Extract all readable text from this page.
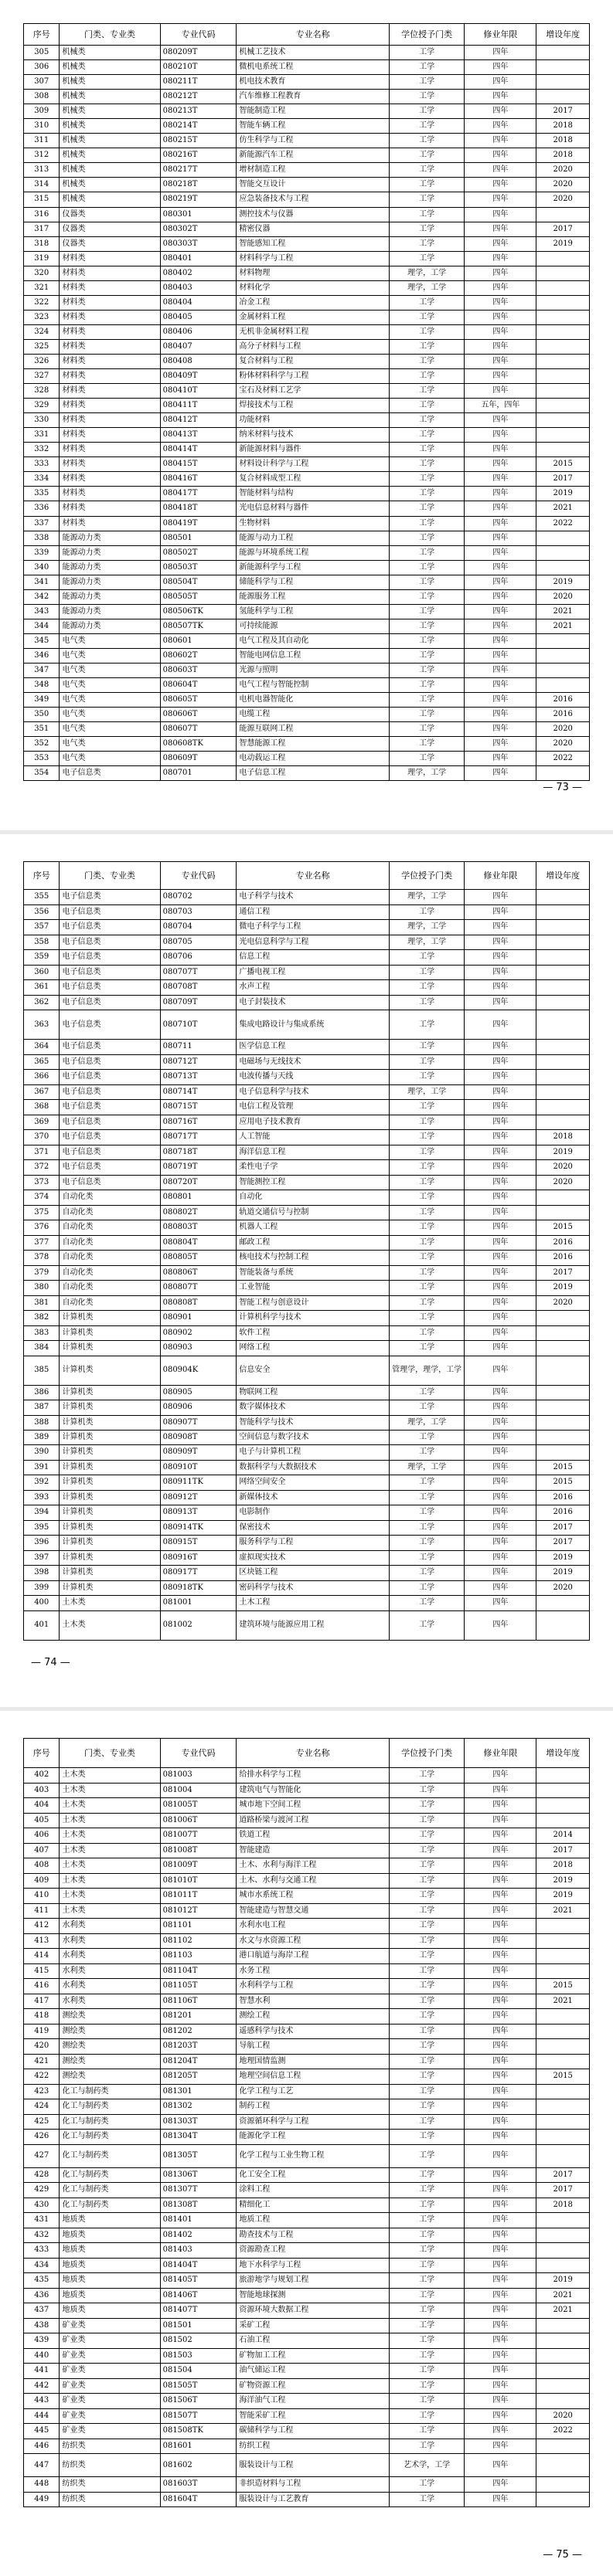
序号	门类、专业类	专业代码	专业名称	学位授予门类	修业年限	增设年度
305	机械类	080209T	机械工艺技术	工学	四年	
306	机械类	080210T	微机电系统工程	工学	四年	
307	机械类	080211T	机电技术教育	工学	四年	
308	机械类	080212T	汽车维修工程教育	工学	四年	
309	机械类	080213T	智能制造工程	工学	四年	2017
310	机械类	080214T	智能车辆工程	工学	四年	2018
311	机械类	080215T	仿生科学与工程	工学	四年	2018
312	机械类	080216T	新能源汽车工程	工学	四年	2018
313	机械类	080217T	增材制造工程	工学	四年	2020
314	机械类	080218T	智能交互设计	工学	四年	2020
315	机械类	080219T	应急装备技术与工程	工学	四年	2020
316	仪器类	080301	测控技术与仪器	工学	四年	
317	仪器类	080302T	精密仪器	工学	四年	2017
318	仪器类	080303T	智能感知工程	工学	四年	2019
319	材料类	080401	材料科学与工程	工学	四年	
320	材料类	080402	材料物理	理学，工学	四年	
321	材料类	080403	材料化学	理学，工学	四年	
322	材料类	080404	冶金工程	工学	四年	
323	材料类	080405	金属材料工程	工学	四年	
324	材料类	080406	无机非金属材料工程	工学	四年	
325	材料类	080407	高分子材料与工程	工学	四年	
326	材料类	080408	复合材料与工程	工学	四年	
327	材料类	080409T	粉体材料科学与工程	工学	四年	
328	材料类	080410T	宝石及材料工艺学	工学	四年	
329	材料类	080411T	焊接技术与工程	工学	五年，四年	
330	材料类	080412T	功能材料	工学	四年	
331	材料类	080413T	纳米材料与技术	工学	四年	
332	材料类	080414T	新能源材料与器件	工学	四年	
333	材料类	080415T	材料设计科学与工程	工学	四年	2015
334	材料类	080416T	复合材料成型工程	工学	四年	2017
335	材料类	080417T	智能材料与结构	工学	四年	2019
336	材料类	080418T	光电信息材料与器件	工学	四年	2021
337	材料类	080419T	生物材料	工学	四年	2022
338	能源动力类	080501	能源与动力工程	工学	四年	
339	能源动力类	080502T	能源与环境系统工程	工学	四年	
340	能源动力类	080503T	新能源科学与工程	工学	四年	
341	能源动力类	080504T	储能科学与工程	工学	四年	2019
342	能源动力类	080505T	能源服务工程	工学	四年	2020
343	能源动力类	080506TK	氢能科学与工程	工学	四年	2021
344	能源动力类	080507TK	可持续能源	工学	四年	2021
345	电气类	080601	电气工程及其自动化	工学	四年	
346	电气类	080602T	智能电网信息工程	工学	四年	
347	电气类	080603T	光源与照明	工学	四年	
348	电气类	080604T	电气工程与智能控制	工学	四年	
349	电气类	080605T	电机电器智能化	工学	四年	2016
350	电气类	080606T	电缆工程	工学	四年	2016
351	电气类	080607T	能源互联网工程	工学	四年	2020
352	电气类	080608TK	智慧能源工程	工学	四年	2020
353	电气类	080609T	电动载运工程	工学	四年	2022
354	电子信息类	080701	电子信息工程	理学，工学	四年	
— 73 —
序号	门类、专业类	专业代码	专业名称	学位授予门类	修业年限	增设年度
355	电子信息类	080702	电子科学与技术	理学，工学	四年	
356	电子信息类	080703	通信工程	工学	四年	
357	电子信息类	080704	微电子科学与工程	理学，工学	四年	
358	电子信息类	080705	光电信息科学与工程	理学，工学	四年	
359	电子信息类	080706	信息工程	工学	四年	
360	电子信息类	080707T	广播电视工程	工学	四年	
361	电子信息类	080708T	水声工程	工学	四年	
362	电子信息类	080709T	电子封装技术	工学	四年	
363	电子信息类	080710T	集成电路设计与集成系统	工学	四年	
364	电子信息类	080711	医学信息工程	工学	四年	
365	电子信息类	080712T	电磁场与无线技术	工学	四年	
366	电子信息类	080713T	电波传播与天线	工学	四年	
367	电子信息类	080714T	电子信息科学与技术	理学，工学	四年	
368	电子信息类	080715T	电信工程及管理	工学	四年	
369	电子信息类	080716T	应用电子技术教育	工学	四年	
370	电子信息类	080717T	人工智能	工学	四年	2018
371	电子信息类	080718T	海洋信息工程	工学	四年	2019
372	电子信息类	080719T	柔性电子学	工学	四年	2020
373	电子信息类	080720T	智能测控工程	工学	四年	2020
374	自动化类	080801	自动化	工学	四年	
375	自动化类	080802T	轨道交通信号与控制	工学	四年	
376	自动化类	080803T	机器人工程	工学	四年	2015
377	自动化类	080804T	邮政工程	工学	四年	2016
378	自动化类	080805T	核电技术与控制工程	工学	四年	2016
379	自动化类	080806T	智能装备与系统	工学	四年	2017
380	自动化类	080807T	工业智能	工学	四年	2019
381	自动化类	080808T	智能工程与创意设计	工学	四年	2020
382	计算机类	080901	计算机科学与技术	工学	四年	
383	计算机类	080902	软件工程	工学	四年	
384	计算机类	080903	网络工程	工学	四年	
385	计算机类	080904K	信息安全	管理学，理学，工学	四年	
386	计算机类	080905	物联网工程	工学	四年	
387	计算机类	080906	数字媒体技术	工学	四年	
388	计算机类	080907T	智能科学与技术	理学，工学	四年	
389	计算机类	080908T	空间信息与数字技术	工学	四年	
390	计算机类	080909T	电子与计算机工程	工学	四年	
391	计算机类	080910T	数据科学与大数据技术	理学，工学	四年	2015
392	计算机类	080911TK	网络空间安全	工学	四年	2015
393	计算机类	080912T	新媒体技术	工学	四年	2016
394	计算机类	080913T	电影制作	工学	四年	2016
395	计算机类	080914TK	保密技术	工学	四年	2017
396	计算机类	080915T	服务科学与工程	工学	四年	2017
397	计算机类	080916T	虚拟现实技术	工学	四年	2019
398	计算机类	080917T	区块链工程	工学	四年	2019
399	计算机类	080918TK	密码科学与技术	工学	四年	2020
400	土木类	081001	土木工程	工学	四年	
401	土木类	081002	建筑环境与能源应用工程	工学	四年	
— 74 —
序号	门类、专业类	专业代码	专业名称	学位授予门类	修业年限	增设年度
402	土木类	081003	给排水科学与工程	工学	四年	
403	土木类	081004	建筑电气与智能化	工学	四年	
404	土木类	081005T	城市地下空间工程	工学	四年	
405	土木类	081006T	道路桥梁与渡河工程	工学	四年	
406	土木类	081007T	铁道工程	工学	四年	2014
407	土木类	081008T	智能建造	工学	四年	2017
408	土木类	081009T	土木、水利与海洋工程	工学	四年	2018
409	土木类	081010T	土木、水利与交通工程	工学	四年	2019
410	土木类	081011T	城市水系统工程	工学	四年	2019
411	土木类	081012T	智能建造与智慧交通	工学	四年	2021
412	水利类	081101	水利水电工程	工学	四年	
413	水利类	081102	水文与水资源工程	工学	四年	
414	水利类	081103	港口航道与海岸工程	工学	四年	
415	水利类	081104T	水务工程	工学	四年	
416	水利类	081105T	水利科学与工程	工学	四年	2015
417	水利类	081106T	智慧水利	工学	四年	2021
418	测绘类	081201	测绘工程	工学	四年	
419	测绘类	081202	遥感科学与技术	工学	四年	
420	测绘类	081203T	导航工程	工学	四年	
421	测绘类	081204T	地理国情监测	工学	四年	
422	测绘类	081205T	地理空间信息工程	工学	四年	2015
423	化工与制药类	081301	化学工程与工艺	工学	四年	
424	化工与制药类	081302	制药工程	工学	四年	
425	化工与制药类	081303T	资源循环科学与工程	工学	四年	
426	化工与制药类	081304T	能源化学工程	工学	四年	
427	化工与制药类	081305T	化学工程与工业生物工程	工学	四年	
428	化工与制药类	081306T	化工安全工程	工学	四年	2017
429	化工与制药类	081307T	涂料工程	工学	四年	2017
430	化工与制药类	081308T	精细化工	工学	四年	2018
431	地质类	081401	地质工程	工学	四年	
432	地质类	081402	勘查技术与工程	工学	四年	
433	地质类	081403	资源勘查工程	工学	四年	
434	地质类	081404T	地下水科学与工程	工学	四年	
435	地质类	081405T	旅游地学与规划工程	工学	四年	2019
436	地质类	081406T	智能地球探测	工学	四年	2021
437	地质类	081407T	资源环境大数据工程	工学	四年	2021
438	矿业类	081501	采矿工程	工学	四年	
439	矿业类	081502	石油工程	工学	四年	
440	矿业类	081503	矿物加工工程	工学	四年	
441	矿业类	081504	油气储运工程	工学	四年	
442	矿业类	081505T	矿物资源工程	工学	四年	
443	矿业类	081506T	海洋油气工程	工学	四年	
444	矿业类	081507T	智能采矿工程	工学	四年	2020
445	矿业类	081508TK	碳储科学与工程	工学	四年	2022
446	纺织类	081601	纺织工程	工学	四年	
447	纺织类	081602	服装设计与工程	艺术学，工学	四年	
448	纺织类	081603T	非织造材料与工程	工学	四年	
449	纺织类	081604T	服装设计与工艺教育	工学	四年	
— 75 —
